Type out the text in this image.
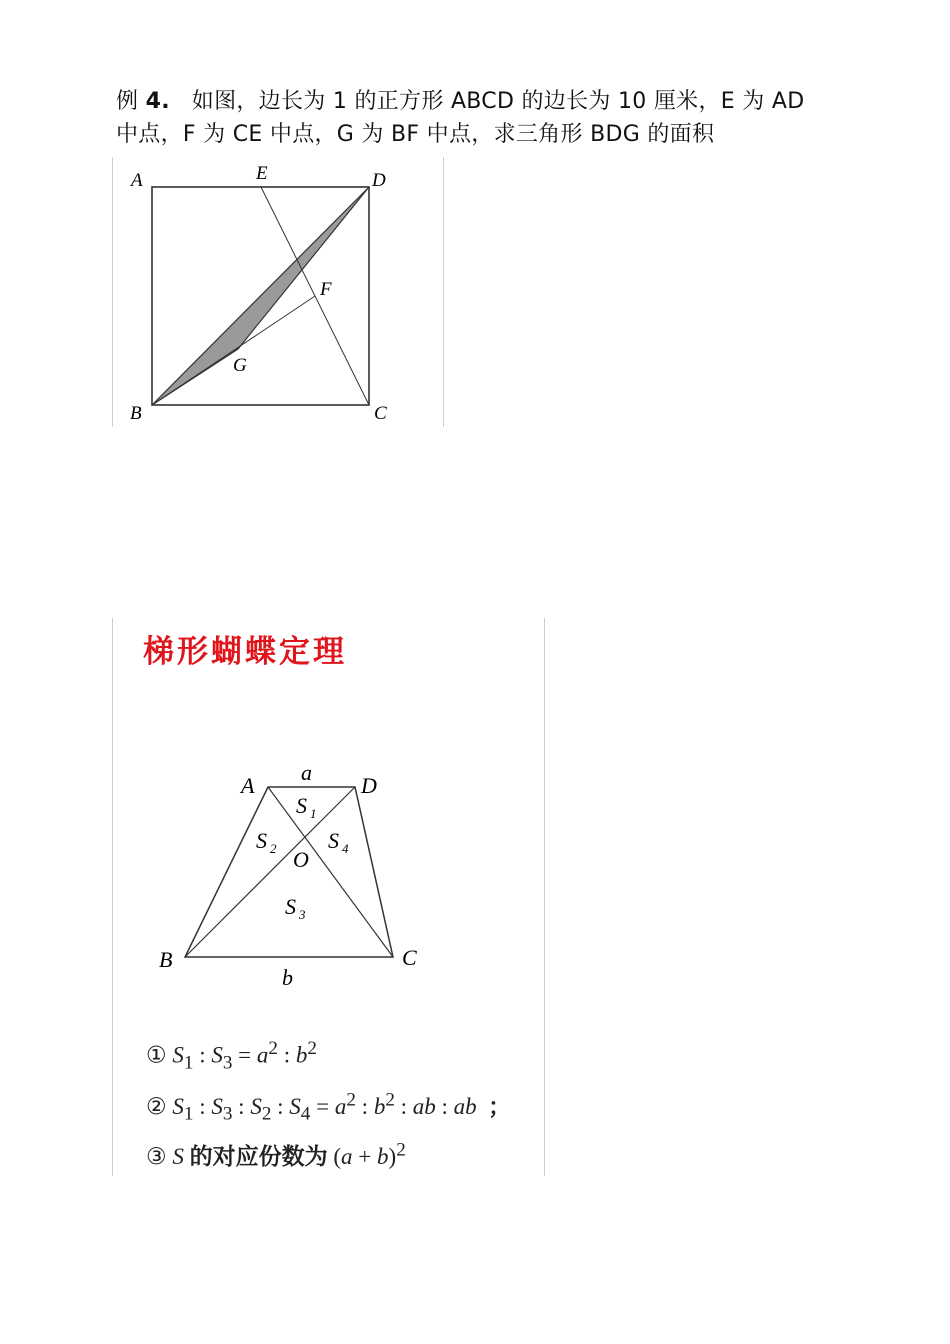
例 4. 如图，边长为 1 的正方形 ABCD 的边长为 10 厘米，E 为 AD
中点，F 为 CE 中点，G 为 BF 中点，求三角形 BDG 的面积
A	E	D
F
G
B	C
梯形蝴蝶定理
a
A	D
S 1
S 2 S 4
O
S 3
B	C
b
① $S_1$ : $S_3 = a^2$ : $b^2$
② $S_1$ : $S_3$ : $S_2$ : $S_4 = a^2$ : $b^2$ : ab : ab ；
③ S 的对应份数为 $(a + b)^2$
